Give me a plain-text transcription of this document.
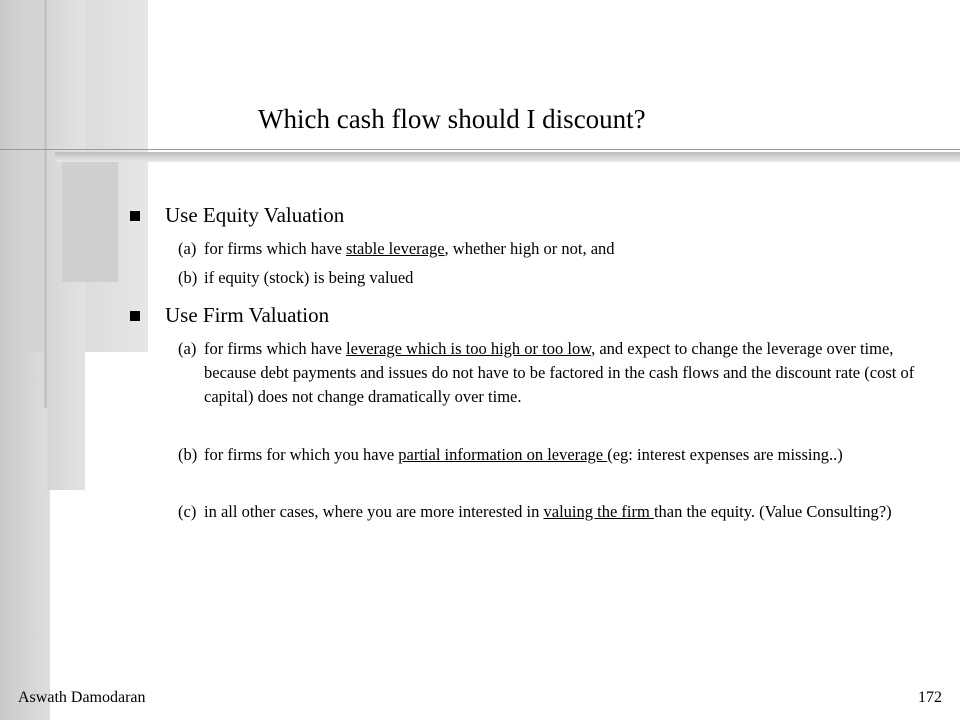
Which cash flow should I discount?
Use Equity Valuation
(a) for firms which have stable leverage, whether high or not, and
(b) if equity (stock) is being valued
Use Firm Valuation
(a) for firms which have leverage which is too high or too low, and expect to change the leverage over time, because debt payments and issues do not have to be factored in the cash flows and the discount rate (cost of capital) does not change dramatically over time.
(b) for firms for which you have partial information on leverage (eg: interest expenses are missing..)
(c) in all other cases, where you are more interested in valuing the firm than the equity. (Value Consulting?)
Aswath Damodaran	172
